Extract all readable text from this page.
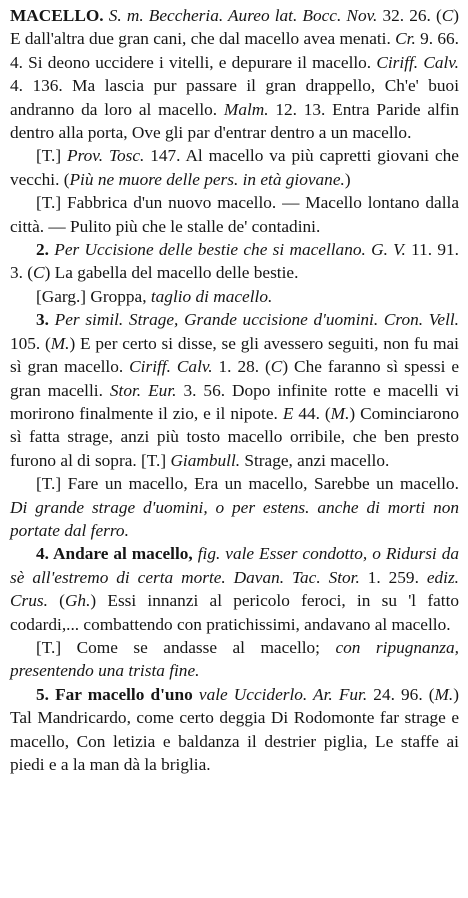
MACELLO. S. m. Beccheria. Aureo lat. Bocc. Nov. 32. 26. (C) E dall'altra due gran cani, che dal macello avea menati. Cr. 9. 66. 4. Si deono uccidere i vitelli, e depurare il macello. Ciriff. Calv. 4. 136. Ma lascia pur passare il gran drappello, Ch'e' buoi andranno da loro al macello. Malm. 12. 13. Entra Paride alfin dentro alla porta, Ove gli par d'entrar dentro a un macello.
[T.] Prov. Tosc. 147. Al macello va più capretti giovani che vecchi. (Più ne muore delle pers. in età giovane.)
[T.] Fabbrica d'un nuovo macello. — Macello lontano dalla città. — Pulito più che le stalle de' contadini.
2. Per Uccisione delle bestie che si macellano. G. V. 11. 91. 3. (C) La gabella del macello delle bestie.
[Garg.] Groppa, taglio di macello.
3. Per simil. Strage, Grande uccisione d'uomini. Cron. Vell. 105. (M.) E per certo si disse, se gli avessero seguiti, non fu mai sì gran macello. Ciriff. Calv. 1. 28. (C) Che faranno sì spessi e gran macelli. Stor. Eur. 3. 56. Dopo infinite rotte e macelli vi morirono finalmente il zio, e il nipote. E 44. (M.) Cominciarono sì fatta strage, anzi più tosto macello orribile, che ben presto furono al di sopra. [T.] Giambull. Strage, anzi macello.
[T.] Fare un macello, Era un macello, Sarebbe un macello. Di grande strage d'uomini, o per estens. anche di morti non portate dal ferro.
4. Andare al macello, fig. vale Esser condotto, o Ridursi da sè all'estremo di certa morte. Davan. Tac. Stor. 1. 259. ediz. Crus. (Gh.) Essi innanzi al pericolo feroci, in su 'l fatto codardi,... combattendo con pratichissimi, andavano al macello.
[T.] Come se andasse al macello; con ripugnanza, presentendo una trista fine.
5. Far macello d'uno vale Ucciderlo. Ar. Fur. 24. 96. (M.) Tal Mandricardo, come certo deggia Di Rodomonte far strage e macello, Con letizia e baldanza il destrier piglia, Le staffe ai piedi e a la man dà la briglia.
